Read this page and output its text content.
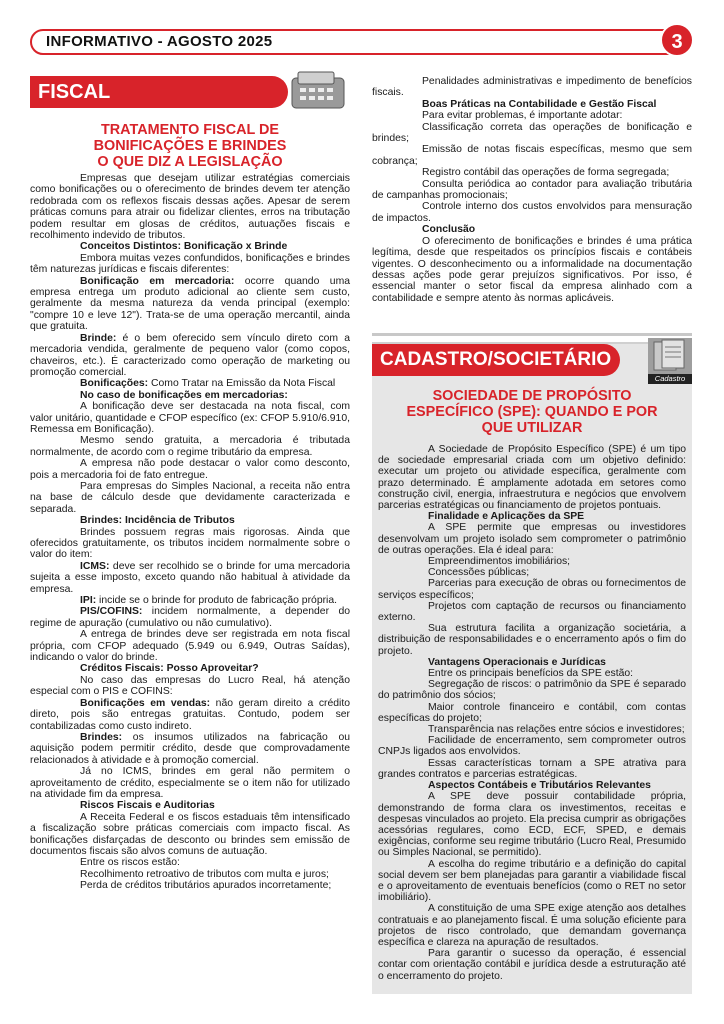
INFORMATIVO - AGOSTO 2025	3
FISCAL
TRATAMENTO FISCAL DE
BONIFICAÇÕES E BRINDES
O QUE DIZ A LEGISLAÇÃO
Empresas que desejam utilizar estratégias comerciais como bonificações ou o oferecimento de brindes devem ter atenção redobrada com os reflexos fiscais dessas ações. Apesar de serem práticas comuns para atrair ou fidelizar clientes, erros na tributação podem resultar em glosas de créditos, autuações fiscais e recolhimento indevido de tributos.
Conceitos Distintos: Bonificação x Brinde
Embora muitas vezes confundidos, bonificações e brindes têm naturezas jurídicas e fiscais diferentes:
Bonificação em mercadoria: ocorre quando uma empresa entrega um produto adicional ao cliente sem custo, geralmente da mesma natureza da venda principal (exemplo: "compre 10 e leve 12"). Trata-se de uma operação mercantil, ainda que gratuita.
Brinde: é o bem oferecido sem vínculo direto com a mercadoria vendida, geralmente de pequeno valor (como copos, chaveiros, etc.). É caracterizado como operação de marketing ou promoção comercial.
Bonificações: Como Tratar na Emissão da Nota Fiscal
No caso de bonificações em mercadorias:
A bonificação deve ser destacada na nota fiscal, com valor unitário, quantidade e CFOP específico (ex: CFOP 5.910/6.910, Remessa em Bonificação).
Mesmo sendo gratuita, a mercadoria é tributada normalmente, de acordo com o regime tributário da empresa.
A empresa não pode destacar o valor como desconto, pois a mercadoria foi de fato entregue.
Para empresas do Simples Nacional, a receita não entra na base de cálculo desde que devidamente caracterizada e separada.
Brindes: Incidência de Tributos
Brindes possuem regras mais rigorosas. Ainda que oferecidos gratuitamente, os tributos incidem normalmente sobre o valor do item:
ICMS: deve ser recolhido se o brinde for uma mercadoria sujeita a esse imposto, exceto quando não habitual à atividade da empresa.
IPI: incide se o brinde for produto de fabricação própria.
PIS/COFINS: incidem normalmente, a depender do regime de apuração (cumulativo ou não cumulativo).
A entrega de brindes deve ser registrada em nota fiscal própria, com CFOP adequado (5.949 ou 6.949, Outras Saídas), indicando o valor do brinde.
Créditos Fiscais: Posso Aproveitar?
No caso das empresas do Lucro Real, há atenção especial com o PIS e COFINS:
Bonificações em vendas: não geram direito a crédito direto, pois são entregas gratuitas. Contudo, podem ser contabilizadas como custo indireto.
Brindes: os insumos utilizados na fabricação ou aquisição podem permitir crédito, desde que comprovadamente relacionados à atividade e à promoção comercial.
Já no ICMS, brindes em geral não permitem o aproveitamento de crédito, especialmente se o item não for utilizado na atividade fim da empresa.
Riscos Fiscais e Auditorias
A Receita Federal e os fiscos estaduais têm intensificado a fiscalização sobre práticas comerciais com impacto fiscal. As bonificações disfarçadas de desconto ou brindes sem emissão de documentos fiscais são alvos comuns de autuação.
Entre os riscos estão:
Recolhimento retroativo de tributos com multa e juros;
Perda de créditos tributários apurados incorretamente;
Penalidades administrativas e impedimento de benefícios fiscais.
Boas Práticas na Contabilidade e Gestão Fiscal
Para evitar problemas, é importante adotar:
Classificação correta das operações de bonificação e brindes;
Emissão de notas fiscais específicas, mesmo que sem cobrança;
Registro contábil das operações de forma segregada;
Consulta periódica ao contador para avaliação tributária de campanhas promocionais;
Controle interno dos custos envolvidos para mensuração de impactos.
Conclusão
O oferecimento de bonificações e brindes é uma prática legítima, desde que respeitados os princípios fiscais e contábeis vigentes. O desconhecimento ou a informalidade na documentação dessas ações pode gerar prejuízos significativos. Por isso, é essencial manter o setor fiscal da empresa alinhado com a contabilidade e sempre atento às normas aplicáveis.
CADASTRO/SOCIETÁRIO
Cadastro
SOCIEDADE DE PROPÓSITO
ESPECÍFICO (SPE): QUANDO E POR
QUE UTILIZAR
A Sociedade de Propósito Específico (SPE) é um tipo de sociedade empresarial criada com um objetivo definido: executar um projeto ou atividade específica, geralmente com prazo determinado. É amplamente adotada em setores como construção civil, energia, infraestrutura e negócios que envolvem parcerias estratégicas ou financiamento de projetos pontuais.
Finalidade e Aplicações da SPE
A SPE permite que empresas ou investidores desenvolvam um projeto isolado sem comprometer o patrimônio de outras operações. Ela é ideal para:
Empreendimentos imobiliários;
Concessões públicas;
Parcerias para execução de obras ou fornecimentos de serviços específicos;
Projetos com captação de recursos ou financiamento externo.
Sua estrutura facilita a organização societária, a distribuição de responsabilidades e o encerramento após o fim do projeto.
Vantagens Operacionais e Jurídicas
Entre os principais benefícios da SPE estão:
Segregação de riscos: o patrimônio da SPE é separado do patrimônio dos sócios;
Maior controle financeiro e contábil, com contas específicas do projeto;
Transparência nas relações entre sócios e investidores;
Facilidade de encerramento, sem comprometer outros CNPJs ligados aos envolvidos.
Essas características tornam a SPE atrativa para grandes contratos e parcerias estratégicas.
Aspectos Contábeis e Tributários Relevantes
A SPE deve possuir contabilidade própria, demonstrando de forma clara os investimentos, receitas e despesas vinculados ao projeto. Ela precisa cumprir as obrigações acessórias regulares, como ECD, ECF, SPED, e demais exigências, conforme seu regime tributário (Lucro Real, Presumido ou Simples Nacional, se permitido).
A escolha do regime tributário e a definição do capital social devem ser bem planejadas para garantir a viabilidade fiscal e o aproveitamento de eventuais benefícios (como o RET no setor imobiliário).
A constituição de uma SPE exige atenção aos detalhes contratuais e ao planejamento fiscal. É uma solução eficiente para projetos de risco controlado, que demandam governança específica e clareza na apuração de resultados.
Para garantir o sucesso da operação, é essencial contar com orientação contábil e jurídica desde a estruturação até o encerramento do projeto.
